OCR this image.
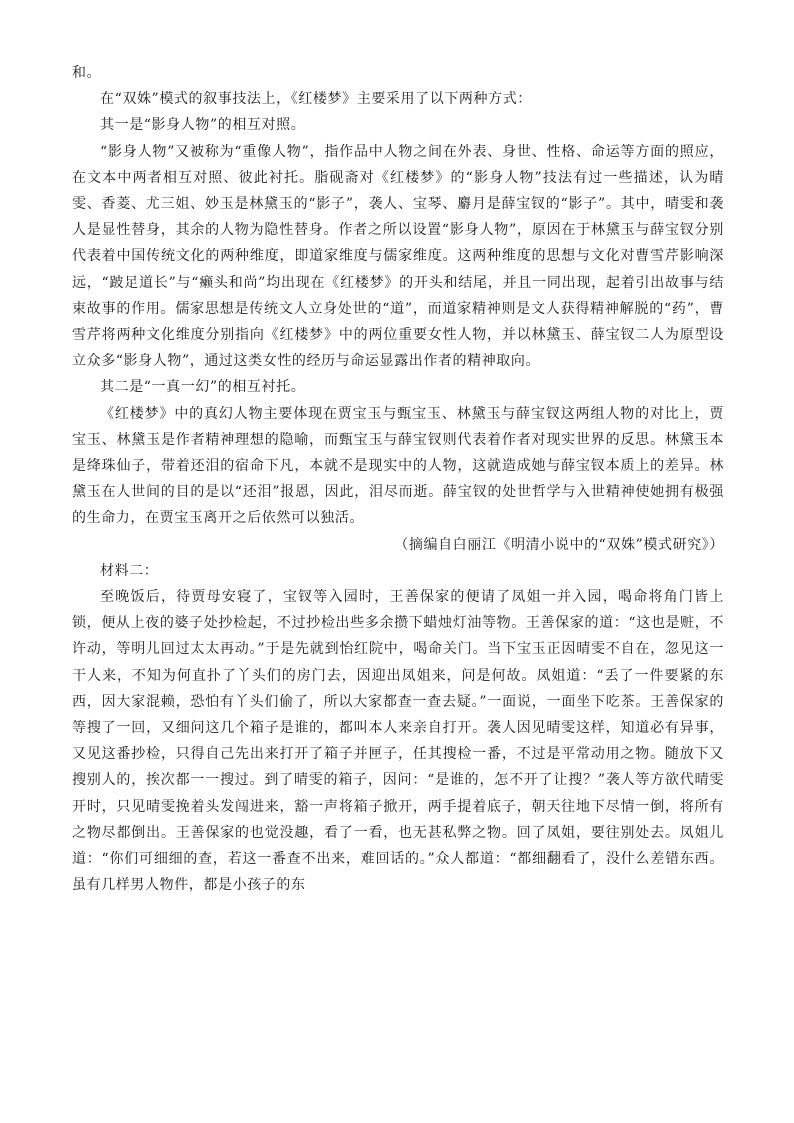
和。

在“双姝”模式的叙事技法上，《红楼梦》主要采用了以下两种方式：

其一是“影身人物”的相互对照。

“影身人物”又被称为“重像人物”，指作品中人物之间在外表、身世、性格、命运等方面的照应，在文本中两者相互对照、彼此衬托。脂砚斋对《红楼梦》的“影身人物”技法有过一些描述，认为晴雯、香菱、尤三姐、妙玉是林黛玉的“影子”，袭人、宝琴、麝月是薛宝钗的“影子”。其中，晴雯和袭人是显性替身，其余的人物为隐性替身。作者之所以设置“影身人物”，原因在于林黛玉与薛宝钗分别代表着中国传统文化的两种维度，即道家维度与儒家维度。这两种维度的思想与文化对曹雪芹影响深远，“跛足道长”与“癞头和尚”均出现在《红楼梦》的开头和结尾，并且一同出现，起着引出故事与结束故事的作用。儒家思想是传统文人立身处世的“道”，而道家精神则是文人获得精神解脱的“药”，曹雪芹将两种文化维度分别指向《红楼梦》中的两位重要女性人物，并以林黛玉、薛宝钗二人为原型设立众多“影身人物”，通过这类女性的经历与命运显露出作者的精神取向。

其二是“一真一幻”的相互衬托。

《红楼梦》中的真幻人物主要体现在贾宝玉与甄宝玉、林黛玉与薛宝钗这两组人物的对比上，贾宝玉、林黛玉是作者精神理想的隐喻，而甄宝玉与薛宝钗则代表着作者对现实世界的反思。林黛玉本是绛珠仙子，带着还泪的宿命下凡，本就不是现实中的人物，这就造成她与薛宝钗本质上的差异。林黛玉在人世间的目的是以“还泪”报恩，因此，泪尽而逝。薛宝钗的处世哲学与入世精神使她拥有极强的生命力，在贾宝玉离开之后依然可以独活。

（摘编自白丽江《明清小说中的“双姝”模式研究》）

材料二：

至晚饭后，待贾母安寝了，宝钗等入园时，王善保家的便请了凤姐一并入园，喝命将角门皆上锁，便从上夜的婆子处抄检起，不过抄检出些多余攒下蜡烛灯油等物。王善保家的道：“这也是赃，不许动，等明儿回过太太再动。”于是先就到怡红院中，喝命关门。当下宝玉正因晴雯不自在，忽见这一干人来，不知为何直扑了丫头们的房门去，因迎出凤姐来，问是何故。凤姐道：“丢了一件要紧的东西，因大家混赖，恐怕有丫头们偷了，所以大家都查一查去疑。”一面说，一面坐下吃茶。王善保家的等搜了一回，又细问这几个箱子是谁的，都叫本人来亲自打开。袭人因见晴雯这样，知道必有异事，又见这番抄检，只得自己先出来打开了箱子并匣子，任其搜检一番，不过是平常动用之物。随放下又搜别人的，挨次都一一搜过。到了晴雯的箱子，因问：“是谁的，怎不开了让搜？”袭人等方欲代晴雯开时，只见晴雯挽着头发闯进来，豁一声将箱子掀开，两手提着底子，朝天往地下尽情一倒，将所有之物尽都倒出。王善保家的也觉没趣，看了一看，也无甚私弊之物。回了凤姐，要往别处去。凤姐儿道：“你们可细细的查，若这一番查不出来，难回话的。”众人都道：“都细翻看了，没什么差错东西。虽有几样男人物件，都是小孩子的东
